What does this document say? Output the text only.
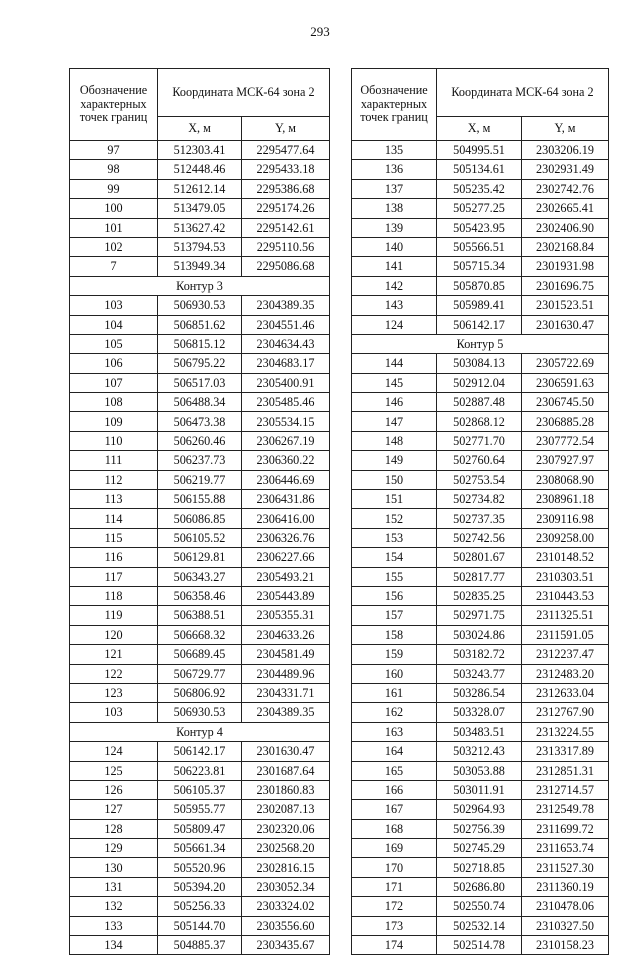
293
Обозначение характерных точек границ	Координата МСК-64 зона 2	
	X, м	Y, м
97	512303.41	2295477.64
98	512448.46	2295433.18
99	512612.14	2295386.68
100	513479.05	2295174.26
101	513627.42	2295142.61
102	513794.53	2295110.56
7	513949.34	2295086.68
Контур 3		
103	506930.53	2304389.35
104	506851.62	2304551.46
105	506815.12	2304634.43
106	506795.22	2304683.17
107	506517.03	2305400.91
108	506488.34	2305485.46
109	506473.38	2305534.15
110	506260.46	2306267.19
111	506237.73	2306360.22
112	506219.77	2306446.69
113	506155.88	2306431.86
114	506086.85	2306416.00
115	506105.52	2306326.76
116	506129.81	2306227.66
117	506343.27	2305493.21
118	506358.46	2305443.89
119	506388.51	2305355.31
120	506668.32	2304633.26
121	506689.45	2304581.49
122	506729.77	2304489.96
123	506806.92	2304331.71
103	506930.53	2304389.35
Контур 4		
124	506142.17	2301630.47
125	506223.81	2301687.64
126	506105.37	2301860.83
127	505955.77	2302087.13
128	505809.47	2302320.06
129	505661.34	2302568.20
130	505520.96	2302816.15
131	505394.20	2303052.34
132	505256.33	2303324.02
133	505144.70	2303556.60
134	504885.37	2303435.67
Обозначение характерных точек границ	Координата МСК-64 зона 2	
	X, м	Y, м
135	504995.51	2303206.19
136	505134.61	2302931.49
137	505235.42	2302742.76
138	505277.25	2302665.41
139	505423.95	2302406.90
140	505566.51	2302168.84
141	505715.34	2301931.98
142	505870.85	2301696.75
143	505989.41	2301523.51
124	506142.17	2301630.47
Контур 5		
144	503084.13	2305722.69
145	502912.04	2306591.63
146	502887.48	2306745.50
147	502868.12	2306885.28
148	502771.70	2307772.54
149	502760.64	2307927.97
150	502753.54	2308068.90
151	502734.82	2308961.18
152	502737.35	2309116.98
153	502742.56	2309258.00
154	502801.67	2310148.52
155	502817.77	2310303.51
156	502835.25	2310443.53
157	502971.75	2311325.51
158	503024.86	2311591.05
159	503182.72	2312237.47
160	503243.77	2312483.20
161	503286.54	2312633.04
162	503328.07	2312767.90
163	503483.51	2313224.55
164	503212.43	2313317.89
165	503053.88	2312851.31
166	503011.91	2312714.57
167	502964.93	2312549.78
168	502756.39	2311699.72
169	502745.29	2311653.74
170	502718.85	2311527.30
171	502686.80	2311360.19
172	502550.74	2310478.06
173	502532.14	2310327.50
174	502514.78	2310158.23
